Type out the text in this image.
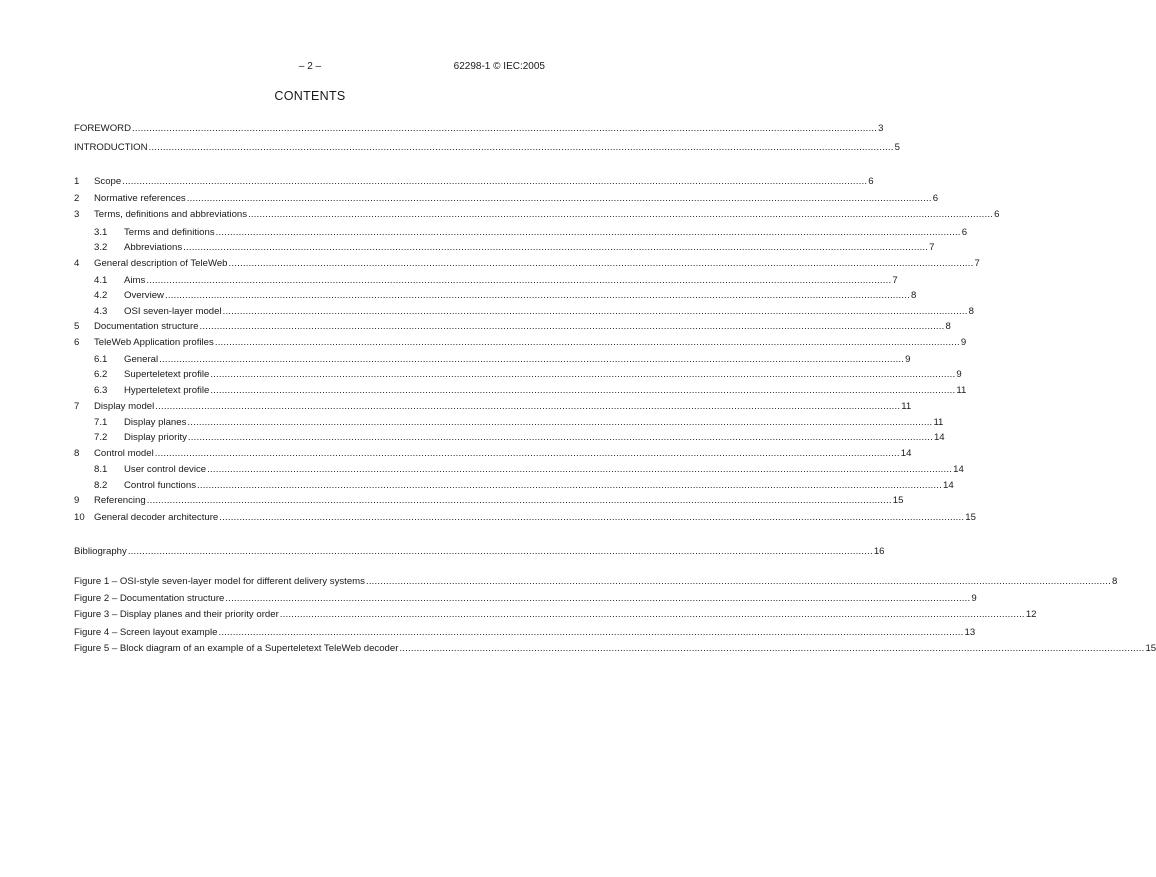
– 2 –	62298-1 © IEC:2005
CONTENTS
FOREWORD .................................................................................................................................................................................................................................................................... 3
INTRODUCTION .................................................................................................................................................................................................................................................................... 5
1	Scope .................................................................................................................................................................................................................................................................... 6
2	Normative references .................................................................................................................................................................................................................................................................... 6
3	Terms, definitions and abbreviations .................................................................................................................................................................................................................................................................... 6
3.1	Terms and definitions .................................................................................................................................................................................................................................................................... 6
3.2	Abbreviations .................................................................................................................................................................................................................................................................... 7
4	General description of TeleWeb .................................................................................................................................................................................................................................................................... 7
4.1	Aims .................................................................................................................................................................................................................................................................... 7
4.2	Overview .................................................................................................................................................................................................................................................................... 8
4.3	OSI seven-layer model .................................................................................................................................................................................................................................................................... 8
5	Documentation structure .................................................................................................................................................................................................................................................................... 8
6	TeleWeb Application profiles .................................................................................................................................................................................................................................................................... 9
6.1	General .................................................................................................................................................................................................................................................................... 9
6.2	Superteletext profile .................................................................................................................................................................................................................................................................... 9
6.3	Hyperteletext profile .................................................................................................................................................................................................................................................................... 11
7	Display model .................................................................................................................................................................................................................................................................... 11
7.1	Display planes .................................................................................................................................................................................................................................................................... 11
7.2	Display priority .................................................................................................................................................................................................................................................................... 14
8	Control model .................................................................................................................................................................................................................................................................... 14
8.1	User control device .................................................................................................................................................................................................................................................................... 14
8.2	Control functions .................................................................................................................................................................................................................................................................... 14
9	Referencing .................................................................................................................................................................................................................................................................... 15
10 General decoder architecture .................................................................................................................................................................................................................................................................... 15
Bibliography .................................................................................................................................................................................................................................................................... 16
Figure 1 – OSI-style seven-layer model for different delivery systems .................................................................................................................................................................................................................................................................... 8
Figure 2 – Documentation structure .................................................................................................................................................................................................................................................................... 9
Figure 3 – Display planes and their priority order .................................................................................................................................................................................................................................................................... 12
Figure 4 – Screen layout example .................................................................................................................................................................................................................................................................... 13
Figure 5 – Block diagram of an example of a Superteletext TeleWeb decoder .................................................................................................................................................................................................................................................................... 15
